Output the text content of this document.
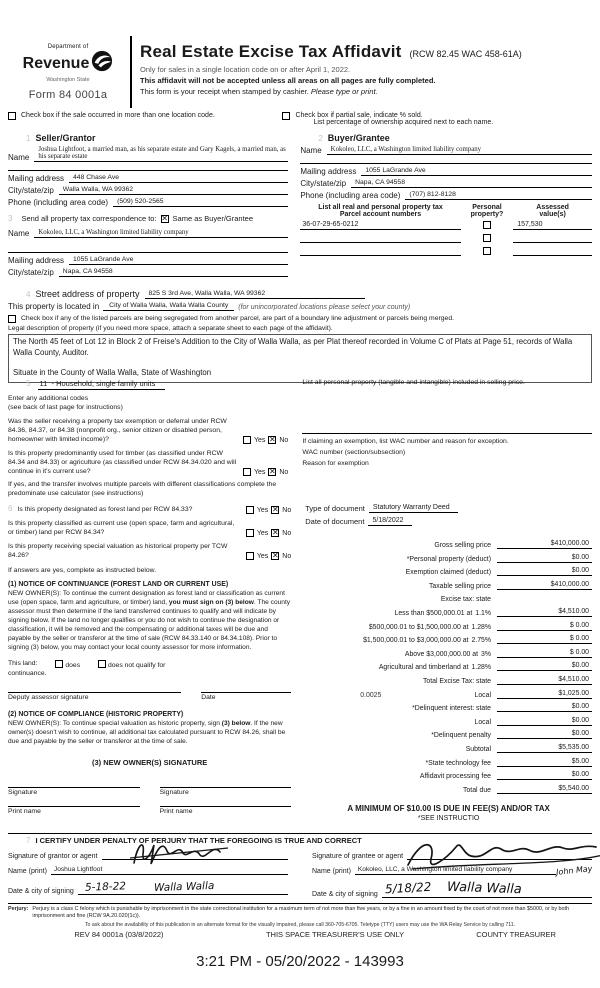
Department of
Revenue
Washington State
Form 84 0001a
Real Estate Excise Tax Affidavit (RCW 82.45 WAC 458-61A)
Only for sales in a single location code on or after April 1, 2022.
This affidavit will not be accepted unless all areas on all pages are fully completed.
This form is your receipt when stamped by cashier. Please type or print.
Check box if the sale occurred in more than one location code.	Check box if partial sale, indicate % sold.
List percentage of ownership acquired next to each name.
1 Seller/Grantor
Name
Joshua Lightfoot, a married man, as his separate estate and Gary Kagels, a married man, as his separate estate
Mailing address	448 Chase Ave
City/state/zip	Walla Walla, WA 99362
Phone (including area code)	(509) 520-2565
3 Send all property tax correspondence to: ✕ Same as Buyer/Grantee
Name	Kokoleo, LLC, a Washington limited liability company
Mailing address	1055 LaGrande Ave
City/state/zip	Napa, CA 94558
2 Buyer/Grantee
Name	Kokoleo, LLC, a Washington limited liability company
Mailing address	1055 LaGrande Ave
City/state/zip	Napa, CA 94558
Phone (including area code)	(707) 812-8128
List all real and personal property tax
Parcel account numbers
Personal
property?
Assessed
value(s)
36-07-29-65-0212	157,530
4 Street address of property	825 S 3rd Ave, Walla Walla, WA 99362
This property is located in	City of Walla Walla, Walla Walla County	(for unincorporated locations please select your county)
Check box if any of the listed parcels are being segregated from another parcel, are part of a boundary line adjustment or parcels being merged.
Legal description of property (if you need more space, attach a separate sheet to each page of the affidavit).
The North 45 feet of Lot 12 in Block 2 of Freise's Addition to the City of Walla Walla, as per Plat thereof recorded in Volume C of Plats at Page 51, records of Walla Walla County, Auditor.
Situate in the County of Walla Walla, State of Washington
5 11 - Household, single family units
Enter any additional codes
(see back of last page for instructions)
Was the seller receiving a property tax exemption or deferral under RCW 84.36, 84.37, or 84.38 (nonprofit org., senior citizen or disabled person, homeowner with limited income)?	Yes ✕ No
Is this property predominantly used for timber (as classified under RCW 84.34 and 84.33) or agriculture (as classified under RCW 84.34.020 and will continue in it's current use?	Yes ✕ No
If yes, and the transfer involves multiple parcels with different classifications complete the predominate use calculator (see instructions)
List all personal property (tangible and intangible) included in selling price.
If claiming an exemption, list WAC number and reason for exception.
WAC number (section/subsection)
Reason for exemption
6 Is this property designated as forest land per RCW 84.33?	Yes ✕ No
Is this property classified as current use (open space, farm and agricultural, or timber) land per RCW 84.34?	Yes ✕ No
Is this property receiving special valuation as historical property per TCW 84.26?	Yes ✕ No
If answers are yes, complete as instructed below.
(1) NOTICE OF CONTINUANCE (FOREST LAND OR CURRENT USE)
NEW OWNER(S): To continue the current designation as forest land or classification as current use (open space, farm and agriculture, or timber) land, you must sign on (3) below. The county assessor must then determine if the land transferred continues to qualify and will indicate by signing below. If the land no longer qualifies or you do not wish to continue the designation or classification, it will be removed and the compensating or additional taxes will be due and payable by the seller or transferor at the time of sale (RCW 84.33.140 or 84.34.108). Prior to signing (3) below, you may contact your local county assessor for more information.
This land:	does	does not qualify for
continuance.
Deputy assessor signature	Date
(2) NOTICE OF COMPLIANCE (HISTORIC PROPERTY)
NEW OWNER(S): To continue special valuation as historic property, sign (3) below. If the new owner(s) doesn't wish to continue, all additional tax calculated pursuant to RCW 84.26, shall be due and payable by the seller or transferor at the time of sale.
(3) NEW OWNER(S) SIGNATURE
Signature	Signature
Print name	Print name
Type of document	Statutory Warranty Deed
Date of document	5/18/2022
Gross selling price	$410,000.00
*Personal property (deduct)	$0.00
Exemption claimed (deduct)	$0.00
Taxable selling price	$410,000.00
Excise tax: state
Less than $500,000.01 at 1.1%	$4,510.00
$500,000.01 to $1,500,000.00 at 1.28%	$ 0.00
$1,500,000.01 to $3,000,000.00 at 2.75%	$ 0.00
Above $3,000,000.00 at 3%	$ 0.00
Agricultural and timberland at 1.28%	$0.00
Total Excise Tax: state	$4,510.00
0.0025	Local	$1,025.00
*Delinquent interest: state	$0.00
Local	$0.00
*Delinquent penalty	$0.00
Subtotal	$5,535.00
*State technology fee	$5.00
Affidavit processing fee	$0.00
Total due	$5,540.00
A MINIMUM OF $10.00 IS DUE IN FEE(S) AND/OR TAX
*SEE INSTRUCTIO
7 I CERTIFY UNDER PENALTY OF PERJURY THAT THE FOREGOING IS TRUE AND CORRECT
Signature of grantor or agent
Name (print)	Joshua Lightfoot
Date & city of signing	5-18-22	Walla Walla
Signature of grantee or agent
Name (print)	Kokoleo, LLC, a Washington limited liability company	John May
Date & city of signing 5/18/22 Walla Walla
Perjury: Perjury is a class C felony which is punishable by imprisonment in the state correctional institution for a maximum term of not more than five years, or by a fine in an amount fixed by the court of not more than $5000, or by both imprisonment and fine (RCW 9A.20.020(1c)).
To ask about the availability of this publication in an alternate format for the visually impaired, please call 360-705-6705. Teletype (TTY) users may use the WA Relay Service by calling 711.
REV 84 0001a (03/8/2022)	THIS SPACE TREASURER'S USE ONLY	COUNTY TREASURER
3:21 PM - 05/20/2022 - 143993
